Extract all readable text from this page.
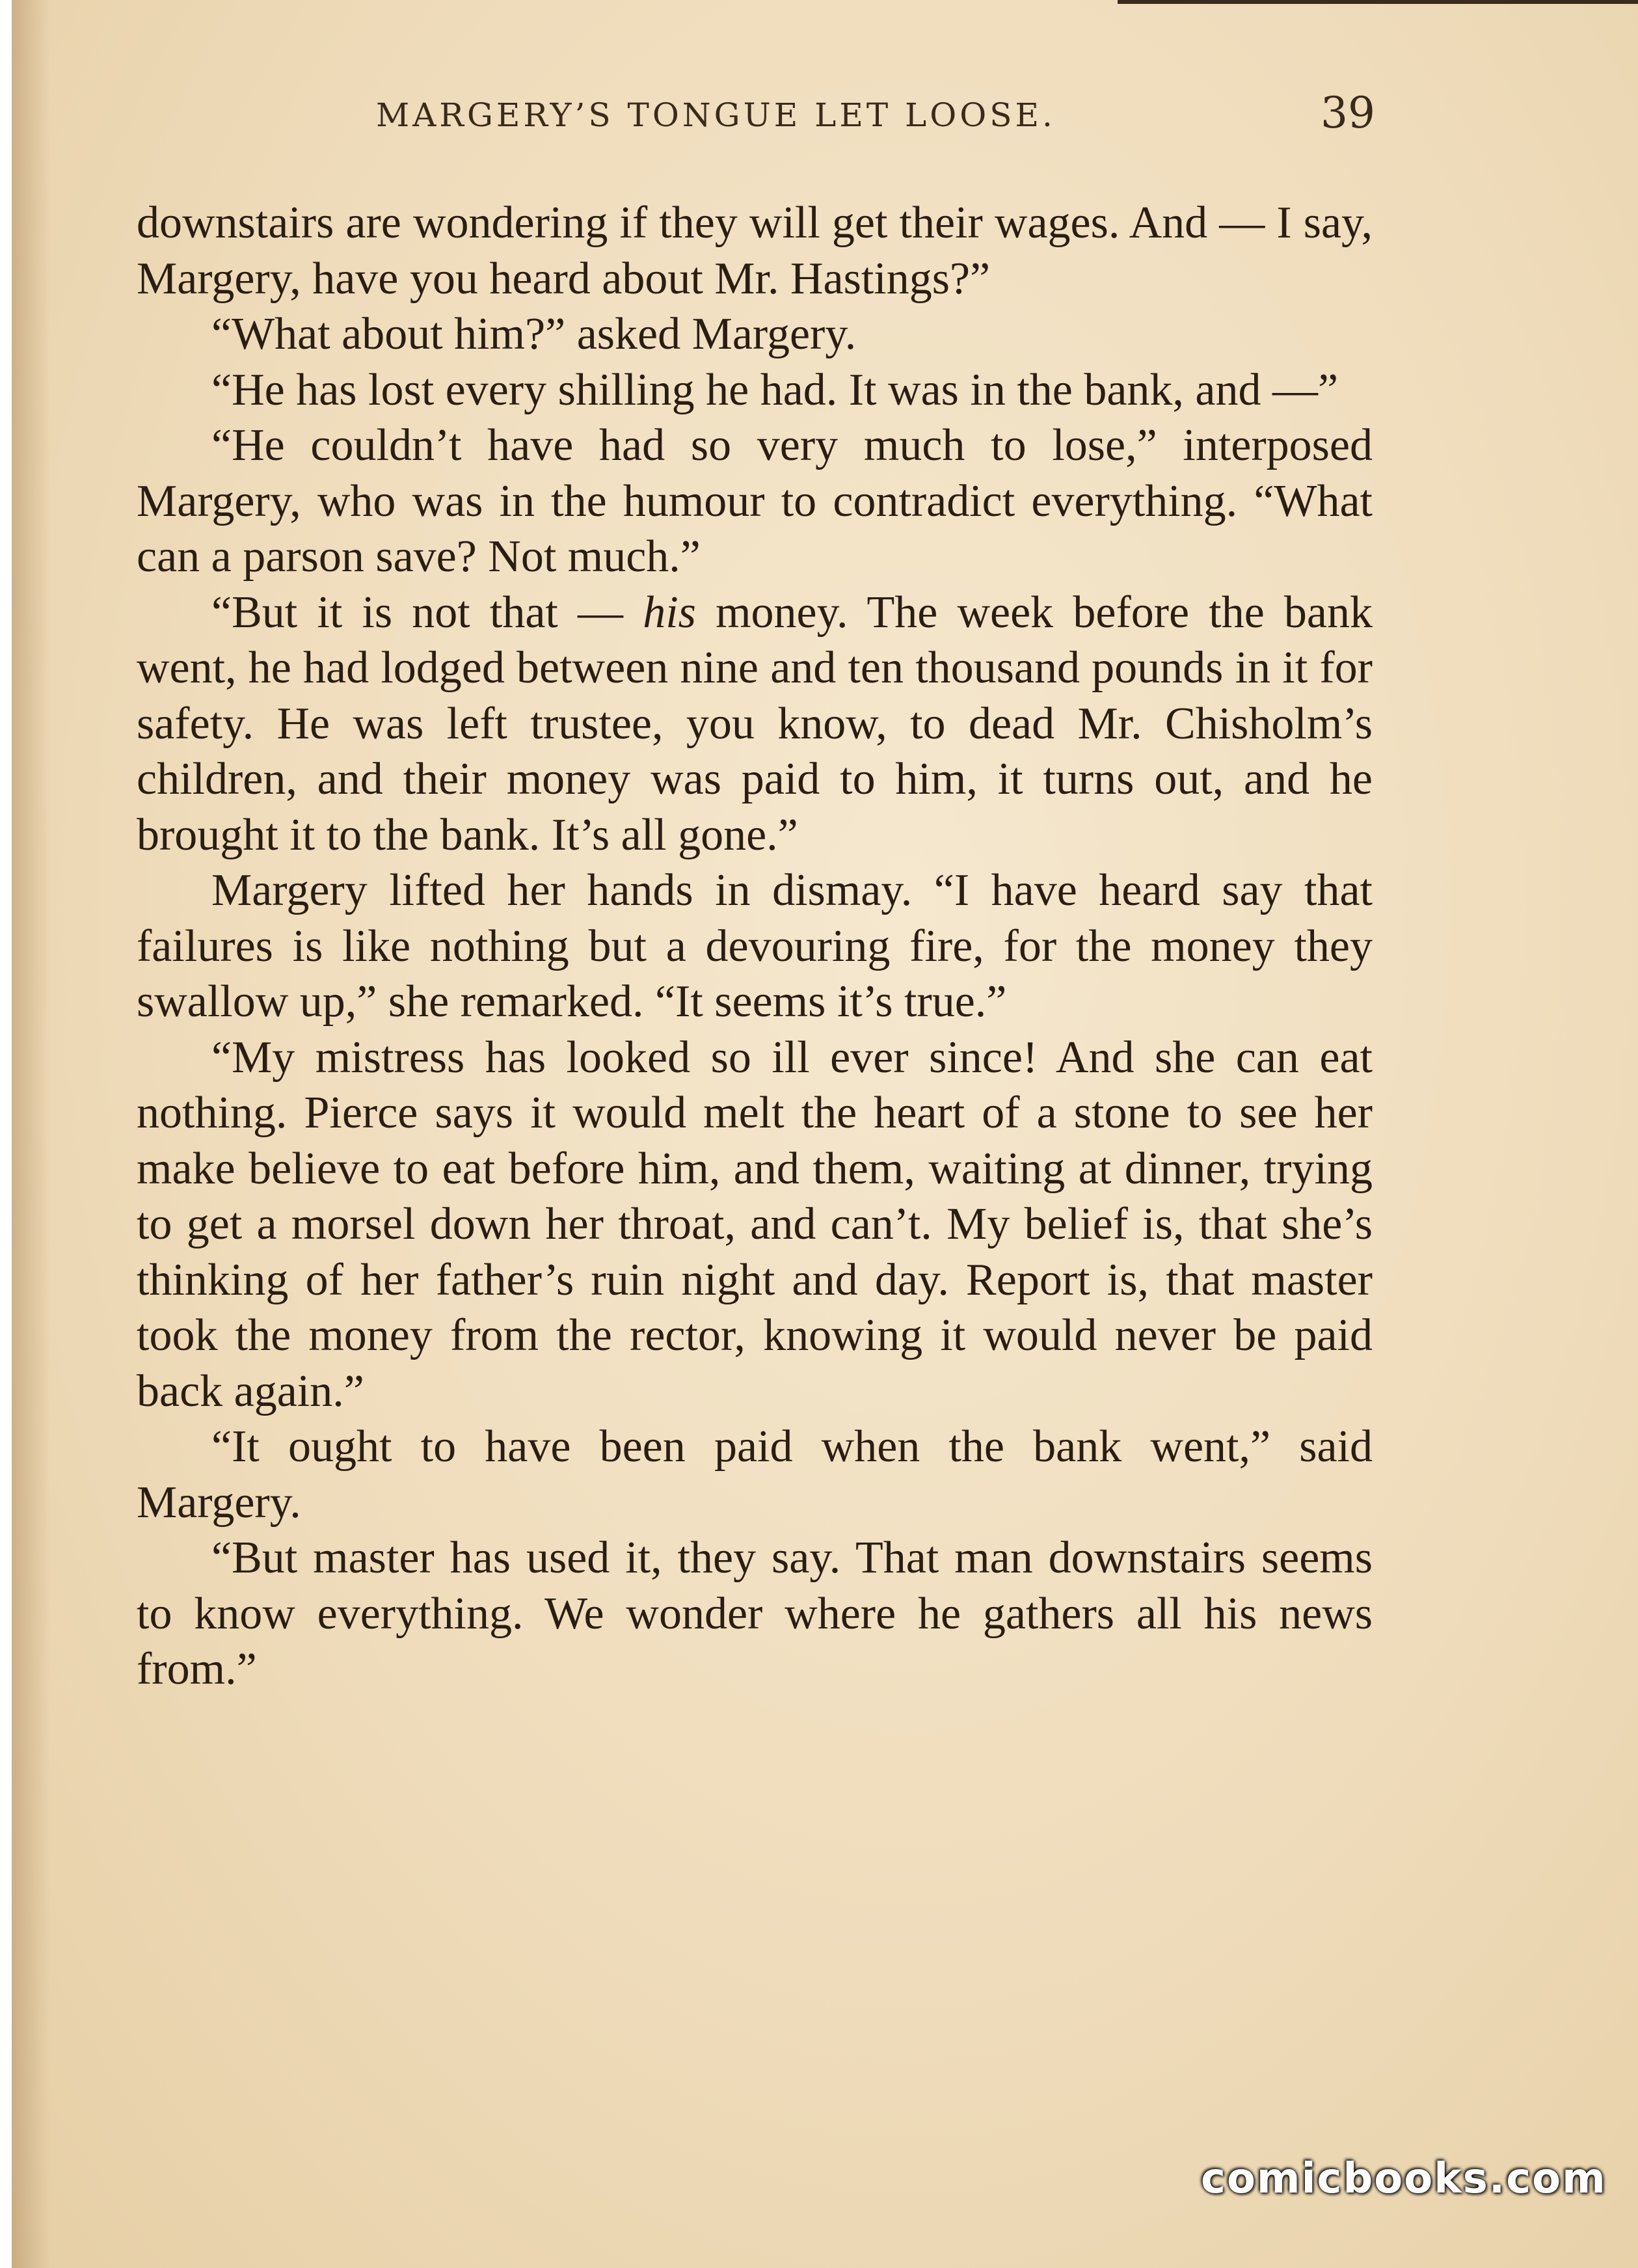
MARGERY’S TONGUE LET LOOSE.	39

downstairs are wondering if they will get their wages. And — I say, Margery, have you heard about Mr. Hastings?”

“What about him?” asked Margery.

“He has lost every shilling he had. It was in the bank, and —”

“He couldn’t have had so very much to lose,” interposed Margery, who was in the humour to contradict everything. “What can a parson save? Not much.”

“But it is not that — his money. The week before the bank went, he had lodged between nine and ten thousand pounds in it for safety. He was left trustee, you know, to dead Mr. Chisholm’s children, and their money was paid to him, it turns out, and he brought it to the bank. It’s all gone.”

Margery lifted her hands in dismay. “I have heard say that failures is like nothing but a devouring fire, for the money they swallow up,” she remarked. “It seems it’s true.”

“My mistress has looked so ill ever since! And she can eat nothing. Pierce says it would melt the heart of a stone to see her make believe to eat before him, and them, waiting at dinner, trying to get a morsel down her throat, and can’t. My belief is, that she’s thinking of her father’s ruin night and day. Report is, that master took the money from the rector, knowing it would never be paid back again.”

“It ought to have been paid when the bank went,” said Margery.

“But master has used it, they say. That man downstairs seems to know everything. We wonder where he gathers all his news from.”

comicbooks.com
